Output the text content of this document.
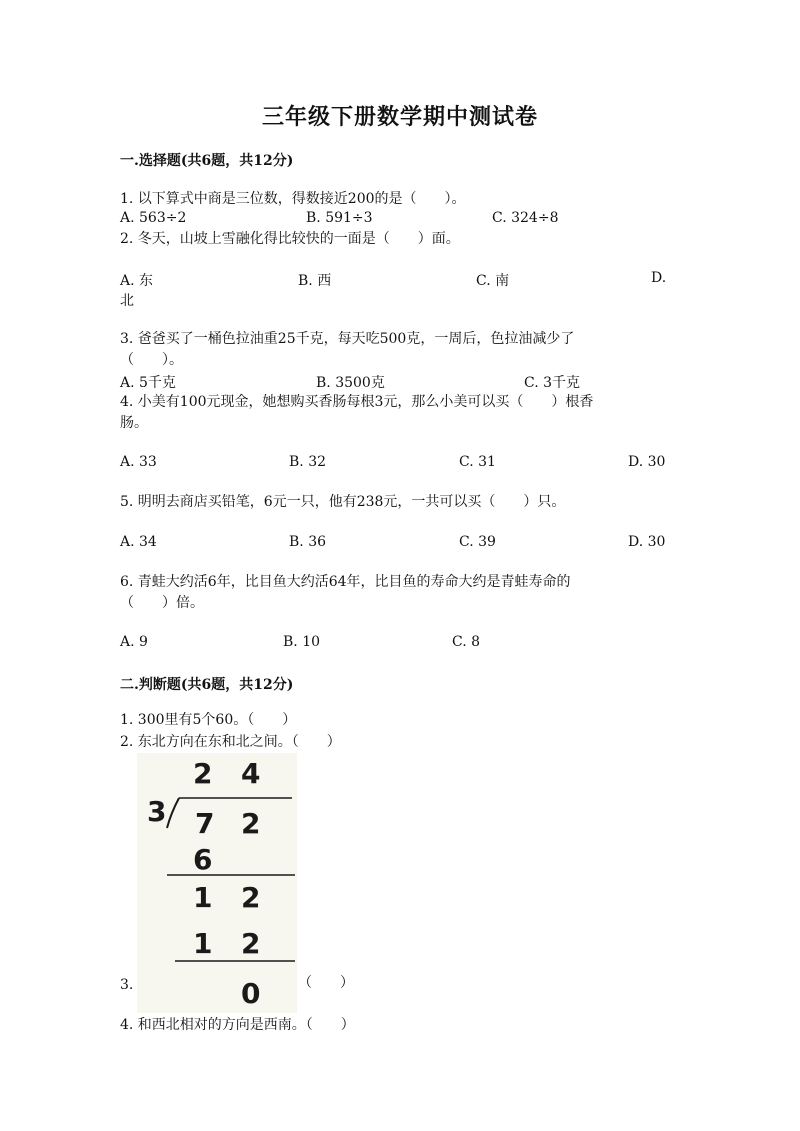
三年级下册数学期中测试卷
一.选择题(共6题，共12分)
1. 以下算式中商是三位数，得数接近200的是（　　）。
A. 563÷2	B. 591÷3	C. 324÷8
2. 冬天，山坡上雪融化得比较快的一面是（　　）面。
A. 东	B. 西	C. 南	D.
北
3. 爸爸买了一桶色拉油重25千克，每天吃500克，一周后，色拉油减少了
（　　）。
A. 5千克	B. 3500克	C. 3千克
4. 小美有100元现金，她想购买香肠每根3元，那么小美可以买（　　）根香
肠。
A. 33	B. 32	C. 31	D. 30
5. 明明去商店买铅笔，6元一只，他有238元，一共可以买（　　）只。
A. 34	B. 36	C. 39	D. 30
6. 青蛙大约活6年，比目鱼大约活64年，比目鱼的寿命大约是青蛙寿命的
（　　）倍。
A. 9	B. 10	C. 8
二.判断题(共6题，共12分)
1. 300里有5个60。（　　）
2. 东北方向在东和北之间。（　　）
2 4
3 7 2
6
1 2
1 2
0
3.	（　　）
4. 和西北相对的方向是西南。（　　）
